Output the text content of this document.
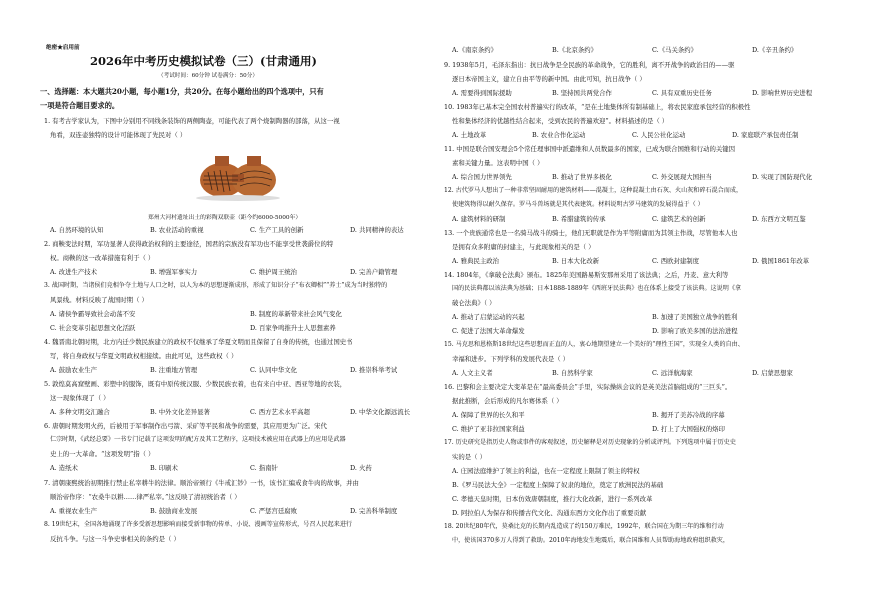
绝密★启用前
2026年中考历史模拟试卷（三）(甘肃通用)
（考试时间：60分钟 试卷满分：50分）
一、选择题：本大题共20小题，每小题1分，共20分。在每小题给出的四个选项中，只有
一项是符合题目要求的。
1. 有考古学家认为，下图中分别用不同线条装饰的两侧陶壶，可能代表了两个烧制陶器的部落，从这一视
角看，双连壶独特的设计可能体现了先民对（ ）
郑州大河村遗址出土的彩陶双联壶（距今约6000-5000年）
A. 自然环境的认知	B. 农业活动的重视	C. 生产工具的创新	D. 共同精神的表达
2. 商鞅变法时期，军功显著人获得政治权利的主要途径，国君的宗族没有军功也不能享受世袭爵位的特
权。商鞅的这一改革措施有利于（ ）
A. 改进生产技术	B. 增强军事实力	C. 维护周王统治	D. 完善户籍管理
3. 战国时期，当诸侯们竞相争夺土地与人口之时，以人为本的思想逐渐成形，形成了知识分子“布衣卿相”“养士”成为当时独特的
风景线。材料反映了战国时期（ ）
A. 诸侯争霸导致社会动荡不安	B. 制度的革新带来社会风气变化
C. 社会变革引起思想文化活跃	D. 百家争鸣推升士人思想素养
4. 魏晋南北朝时期，北方内迁少数民族建立的政权不仅继承了华夏文明而且保留了自身的传统，也通过国史书
写，将自身政权与华夏文明政权相接续。由此可见，这些政权（ ）
A. 鼓励农业生产	B. 注重地方管理	C. 认同中华文化	D. 推崇科举考试
5. 敦煌莫高窟壁画、彩塑中的服饰，既有中原传统汉服、少数民族衣着，也有来自中亚、西亚等地的衣装，
这一现象体现了（ ）
A. 多种文明交汇融合	B. 中外文化差异显著	C. 西方艺术水平高超	D. 中华文化源远流长
6. 唐朝时期发明火药，后被用于军事制作出弓箭、采矿等平民和战争的需要，其应用更为广泛。宋代
仁宗时期，《武经总要》一书专门记载了这项发明的配方及其工艺程序，这项技术被应用在武器上的应用是武器
史上的一大革命。“这项发明”指（ ）
A. 造纸术	B. 印刷术	C. 指南针	D. 火药
7. 清朝康熙统治初期推行禁止私宰耕牛的法律。顺治帝颁行《牛戒汇钞》一书，该书汇编戒食牛肉的故事，并由
顺治帝作序：“农桑牛以耕……律严私宰。”这反映了清初统治者（ ）
A. 重视农业生产	B. 鼓励商业发展	C. 严惩宫廷腐败	D. 完善科举制度
8. 19世纪末，全国各地涌现了许多受新思想影响而接受新事物的传单、小说、漫画等宣传形式，号召人民起来进行
反抗斗争。与这一斗争史事相关的条约是（ ）
A.《南京条约》	B.《北京条约》	C.《马关条约》	D.《辛丑条约》
9. 1938年5月，毛泽东指出：抗日战争是全民族的革命战争，它的胜利，离不开战争的政治目的——驱
逐日本帝国主义，建立自由平等的新中国。由此可知，抗日战争（ ）
A. 需要得到国际援助	B. 坚持国共两党合作	C. 具有双重历史任务	D. 影响世界历史进程
10. 1983年已基本完全国农村普遍实行的改革，“是在土地集体所有制基础上，将农民家庭承包经营的积极性
性和集体经济的优越性结合起来，受到农民的普遍欢迎”。材料描述的是（ ）
A. 土地改革	B. 农业合作化运动	C. 人民公社化运动	D. 家庭联产承包责任制
11. 中国是联合国安理会5个常任理事国中派遣维和人员数最多的国家，已成为联合国维和行动的关键因
素和关键力量。这表明中国（ ）
A. 综合国力世界领先	B. 推动了世界多极化	C. 外交展现大国担当	D. 实现了国防现代化
12. 古代罗马人想出了一种非常坚固耐用的建筑材料——混凝土，这种混凝土由石灰、火山灰和碎石混合而成，
使建筑物得以耐久保存。罗马斗兽场就是其代表建筑。材料说明古罗马建筑的发展得益于（ ）
A. 建筑材料的研制	B. 希腊建筑的传承	C. 建筑艺术的创新	D. 东西方文明互鉴
13. 一个贵族通常也是一名骑马战斗的骑士，他们无职就是作为平等附庸而为其领主作战，尽管他本人也
是拥有众多附庸的封建主，与此现象相关的是（ ）
A. 雅典民主政治	B. 日本大化改新	C. 西欧封建制度	D. 俄国1861年改革
14. 1804年，《拿破仑法典》颁布。1825年美国路易斯安那州采用了该法典；之后，丹麦、意大利等
国的民法典都以该法典为基础；日本1888-1889年《西班牙民法典》也在体系上接受了该法典。这说明《拿
破仑法典》（ ）
A. 推动了启蒙运动的兴起	B. 加速了美国独立战争的胜利
C. 促进了法国大革命爆发	D. 影响了欧美多国的法治进程
15. 马克思和恩格斯18世纪这些思想而正直的人，衷心地期望建立一个美好的“理性王国”，实现全人类的自由、
幸福和进步。下列学科的发展代表是（ ）
A. 人文主义者	B. 自然科学家	C. 远洋航海家	D. 启蒙思想家
16. 巴黎和会主要决定大变革是在“最高委员会”手里，实际操纵会议的是英美法首脑组成的“三巨头”。
据此推断，会后形成的凡尔赛体系（ ）
A. 保障了世界的长久和平	B. 揭开了美苏冷战的序幕
C. 维护了亚非拉国家利益	D. 打上了大国强权的烙印
17. 历史研究是指历史人物或事件的客观叙述，历史解释是对历史现象的分析或评判。下列选项中属于历史史
实的是（ ）
A. 庄园法庭维护了领主的利益，也在一定程度上限制了领主的特权
B.《罗马民法大全》一定程度上保障了奴隶的地位，奠定了欧洲民法的基础
C. 孝德天皇时期，日本仿效唐朝制度，推行大化改新，进行一系列改革
D. 阿拉伯人为保存和传播古代文化、沟通东西方文化作出了重要贡献
18. 20世纪80年代，莫桑比克的长期内乱造成了约150万难民，1992年，联合国在为期三年的维和行动
中，使该国370多万人得到了救助。2010年海地发生地震后，联合国维和人员帮助海地政府组织救灾，
